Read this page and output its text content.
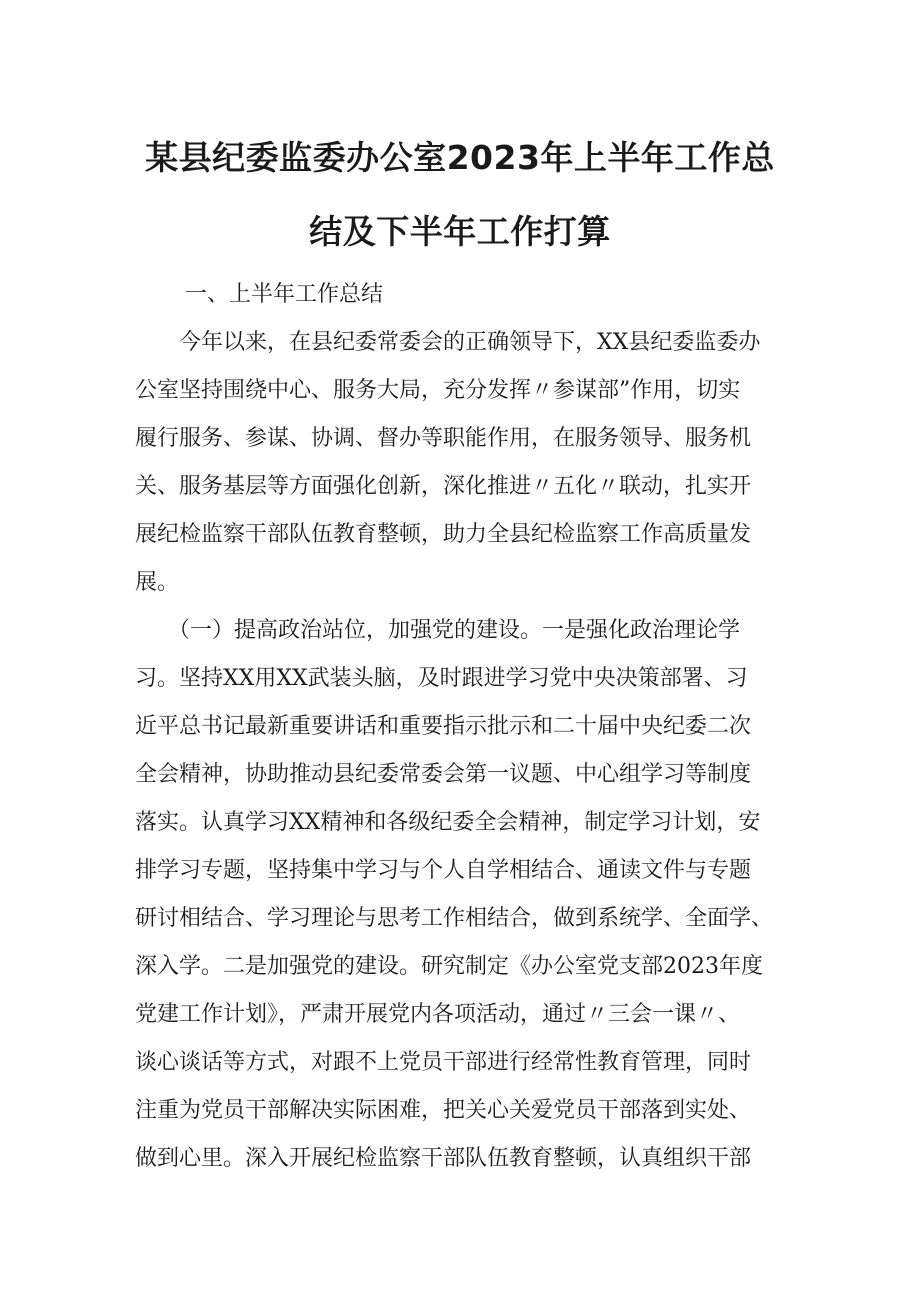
某县纪委监委办公室2023年上半年工作总
结及下半年工作打算

一、上半年工作总结

　　今年以来，在县纪委常委会的正确领导下，XX县纪委监委办

公室坚持围绕中心、服务大局，充分发挥〃参谋部”作用，切实

履行服务、参谋、协调、督办等职能作用，在服务领导、服务机

关、服务基层等方面强化创新，深化推进〃五化〃联动，扎实开

展纪检监察干部队伍教育整顿，助力全县纪检监察工作高质量发

展。

　　（一）提高政治站位，加强党的建设。一是强化政治理论学

习。坚持XX用XX武装头脑，及时跟进学习党中央决策部署、习

近平总书记最新重要讲话和重要指示批示和二十届中央纪委二次

全会精神，协助推动县纪委常委会第一议题、中心组学习等制度

落实。认真学习XX精神和各级纪委全会精神，制定学习计划，安

排学习专题，坚持集中学习与个人自学相结合、通读文件与专题

研讨相结合、学习理论与思考工作相结合，做到系统学、全面学、

深入学。二是加强党的建设。研究制定《办公室党支部2023年度

党建工作计划》，严肃开展党内各项活动，通过〃三会一课〃、

谈心谈话等方式，对跟不上党员干部进行经常性教育管理，同时

注重为党员干部解决实际困难，把关心关爱党员干部落到实处、

做到心里。深入开展纪检监察干部队伍教育整顿，认真组织干部
